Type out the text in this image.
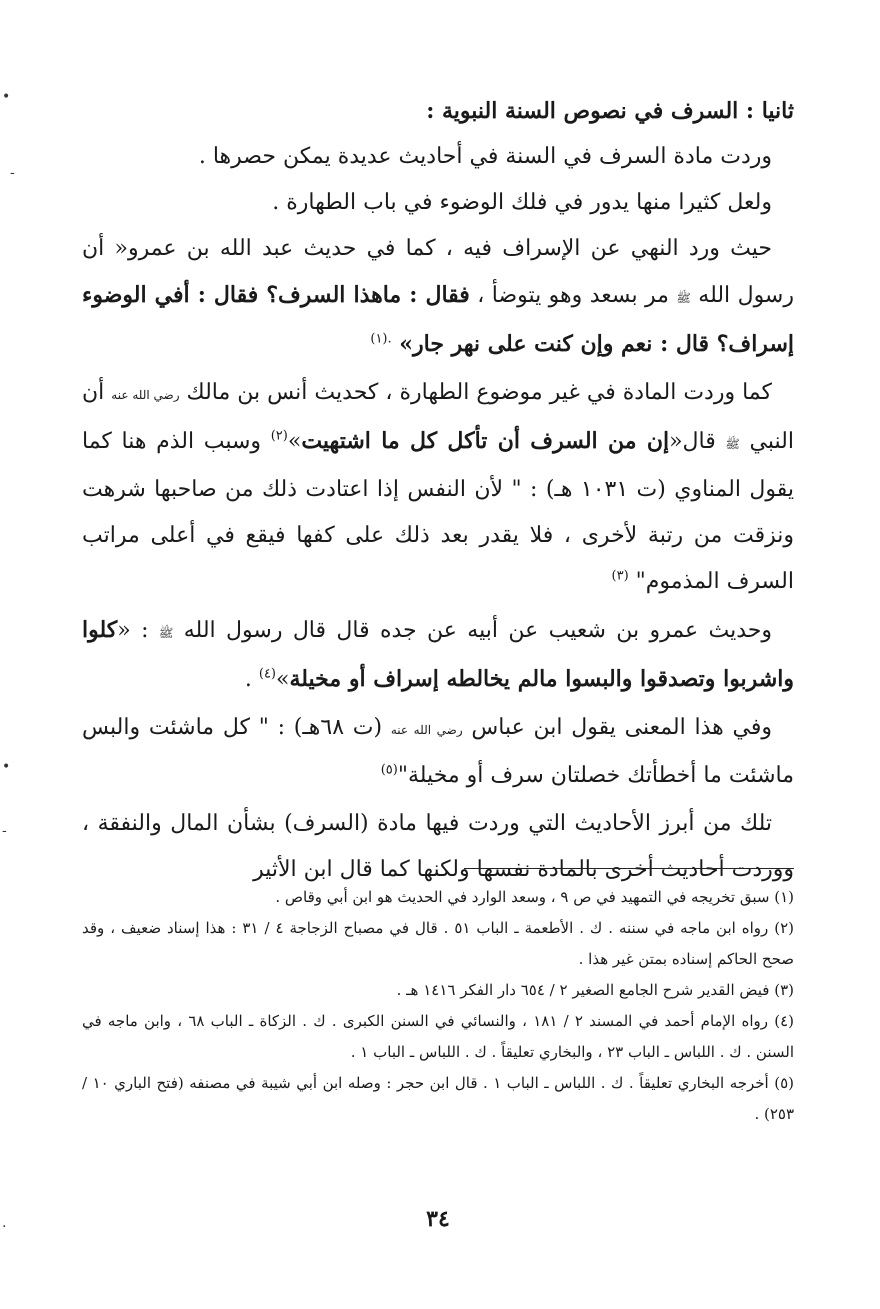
•
-
•
-
.

ثانيا : السرف في نصوص السنة النبوية :

وردت مادة السرف في السنة في أحاديث عديدة يمكن حصرها .

ولعل كثيرا منها يدور في فلك الوضوء في باب الطهارة .

حيث ورد النهي عن الإسراف فيه ، كما في حديث عبد الله بن عمرو« أن رسول الله ﷺ مر بسعد وهو يتوضأ ، فقال : ماهذا السرف؟ فقال : أفي الوضوء إسراف؟ قال : نعم وإن كنت على نهر جار» $^{.(١)}$

كما وردت المادة في غير موضوع الطهارة ، كحديث أنس بن مالك رضي الله عنه أن النبي ﷺ قال«إن من السرف أن تأكل كل ما اشتهيت»$^{(٢)}$ وسبب الذم هنا كما يقول المناوي (ت ١٠٣١ هـ) : " لأن النفس إذا اعتادت ذلك من صاحبها شرهت ونزقت من رتبة لأخرى ، فلا يقدر بعد ذلك على كفها فيقع في أعلى مراتب السرف المذموم" $^{(٣)}$

وحديث عمرو بن شعيب عن أبيه عن جده قال قال رسول الله ﷺ : «كلوا واشربوا وتصدقوا والبسوا مالم يخالطه إسراف أو مخيلة»$^{(٤)}$ .

وفي هذا المعنى يقول ابن عباس رضي الله عنه (ت ٦٨هـ) : " كل ماشئت والبس ماشئت ما أخطأتك خصلتان سرف أو مخيلة"$^{(٥)}$

تلك من أبرز الأحاديث التي وردت فيها مادة (السرف) بشأن المال والنفقة ، ووردت أحاديث أخرى بالمادة نفسها ولكنها كما قال ابن الأثير

(١) سبق تخريجه في التمهيد في ص ٩ ، وسعد الوارد في الحديث هو ابن أبي وقاص .

(٢) رواه ابن ماجه في سننه . ك . الأطعمة ـ الباب ٥١ . قال في مصباح الزجاجة ٤ / ٣١ : هذا إسناد ضعيف ، وقد صحح الحاكم إسناده بمتن غير هذا .

(٣) فيض القدير شرح الجامع الصغير ٢ / ٦٥٤ دار الفكر ١٤١٦ هـ .

(٤) رواه الإمام أحمد في المسند ٢ / ١٨١ ، والنسائي في السنن الكبرى . ك . الزكاة ـ الباب ٦٨ ، وابن ماجه في السنن . ك . اللباس ـ الباب ٢٣ ، والبخاري تعليقاً . ك . اللباس ـ الباب ١ .

(٥) أخرجه البخاري تعليقاً . ك . اللباس ـ الباب ١ . قال ابن حجر : وصله ابن أبي شيبة في مصنفه (فتح الباري ١٠ / ٢٥٣) .

٣٤
